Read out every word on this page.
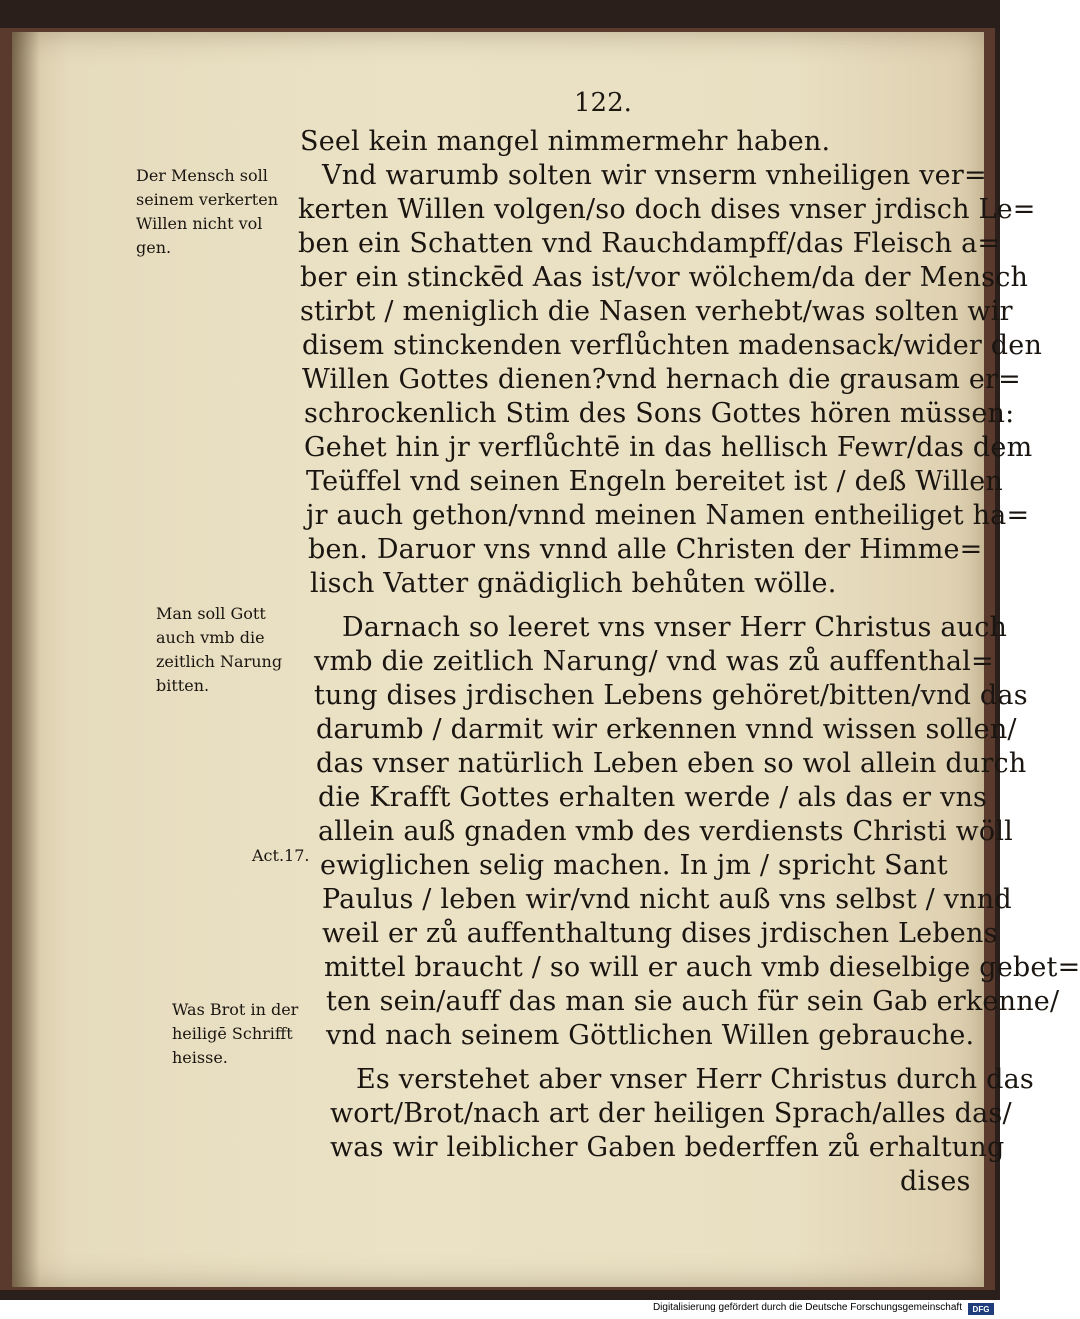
122.
Seel kein mangel nimmermehr haben.
Vnd warumb solten wir vnserm vnheiligen ver=
kerten Willen volgen/so doch dises vnser jrdisch Le=
ben ein Schatten vnd Rauchdampff/das Fleisch a=
ber ein stinckēd Aas ist/vor wölchem/da der Mensch
stirbt / meniglich die Nasen verhebt/was solten wir
disem stinckenden verflůchten madensack/wider den
Willen Gottes dienen?vnd hernach die grausam er=
schrockenlich Stim des Sons Gottes hören müssen:
Gehet hin jr verflůchtē in das hellisch Fewr/das dem
Teüffel vnd seinen Engeln bereitet ist / deß Willen
jr auch gethon/vnnd meinen Namen entheiliget ha=
ben. Daruor vns vnnd alle Christen der Himme=
lisch Vatter gnädiglich behůten wölle.
Darnach so leeret vns vnser Herr Christus auch
vmb die zeitlich Narung/ vnd was zů auffenthal=
tung dises jrdischen Lebens gehöret/bitten/vnd das
darumb / darmit wir erkennen vnnd wissen sollen/
das vnser natürlich Leben eben so wol allein durch
die Krafft Gottes erhalten werde / als das er vns
allein auß gnaden vmb des verdiensts Christi wöll
ewiglichen selig machen. In jm / spricht Sant
Paulus / leben wir/vnd nicht auß vns selbst / vnnd
weil er zů auffenthaltung dises jrdischen Lebens
mittel braucht / so will er auch vmb dieselbige gebet=
ten sein/auff das man sie auch für sein Gab erkenne/
vnd nach seinem Göttlichen Willen gebrauche.
Es verstehet aber vnser Herr Christus durch das
wort/Brot/nach art der heiligen Sprach/alles das/
was wir leiblicher Gaben bederffen zů erhaltung
dises
Der Mensch soll
seinem verkerten
Willen nicht vol
gen.
Man soll Gott
auch vmb die
zeitlich Narung
bitten.
Act.17.
Was Brot in der
heiligē Schrifft
heisse.
Digitalisierung gefördert durch die Deutsche Forschungsgemeinschaft	DFG
